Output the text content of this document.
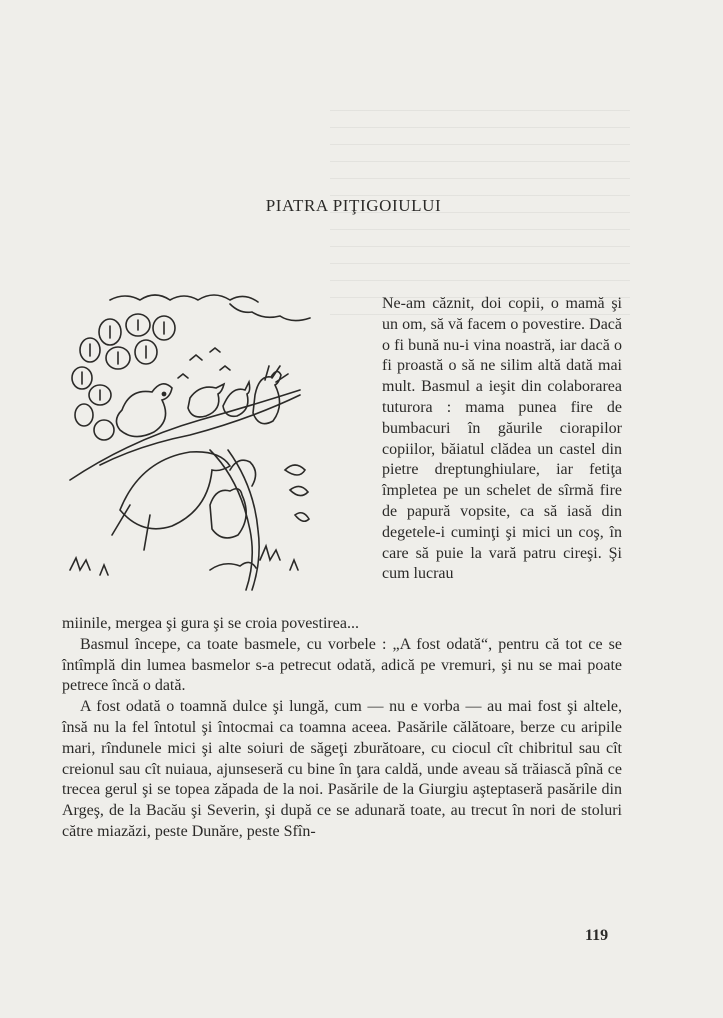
PIATRA PIŢIGOIULUI

Ne-am căznit, doi copii, o mamă şi un om, să vă facem o povestire. Dacă o fi bună nu-i vina noastră, iar dacă o fi proastă o să ne silim altă dată mai mult. Basmul a ieşit din colaborarea tuturora : mama punea fire de bumbacuri în găurile ciorapilor copiilor, băiatul clădea un castel din pietre dreptunghiulare, iar fetiţa împletea pe un schelet de sîrmă fire de papură vopsite, ca să iasă din degetele-i cuminţi şi mici un coş, în care să puie la vară patru cireşi. Şi cum lucrau

miinile, mergea şi gura şi se croia povestirea...

Basmul începe, ca toate basmele, cu vorbele : „A fost odată“, pentru că tot ce se întîmplă din lumea basmelor s-a petrecut odată, adică pe vremuri, şi nu se mai poate petrece încă o dată.

A fost odată o toamnă dulce şi lungă, cum — nu e vorba — au mai fost şi altele, însă nu la fel întotul şi întocmai ca toamna aceea. Pasările călătoare, berze cu aripile mari, rîndunele mici şi alte soiuri de săgeţi zburătoare, cu ciocul cît chibritul sau cît creionul sau cît nuiaua, ajunseseră cu bine în ţara caldă, unde aveau să trăiască pînă ce trecea gerul şi se topea zăpada de la noi. Pasările de la Giurgiu aşteptaseră pasările din Argeş, de la Bacău şi Severin, şi după ce se adunară toate, au trecut în nori de stoluri către miazăzi, peste Dunăre, peste Sfîn-

119
